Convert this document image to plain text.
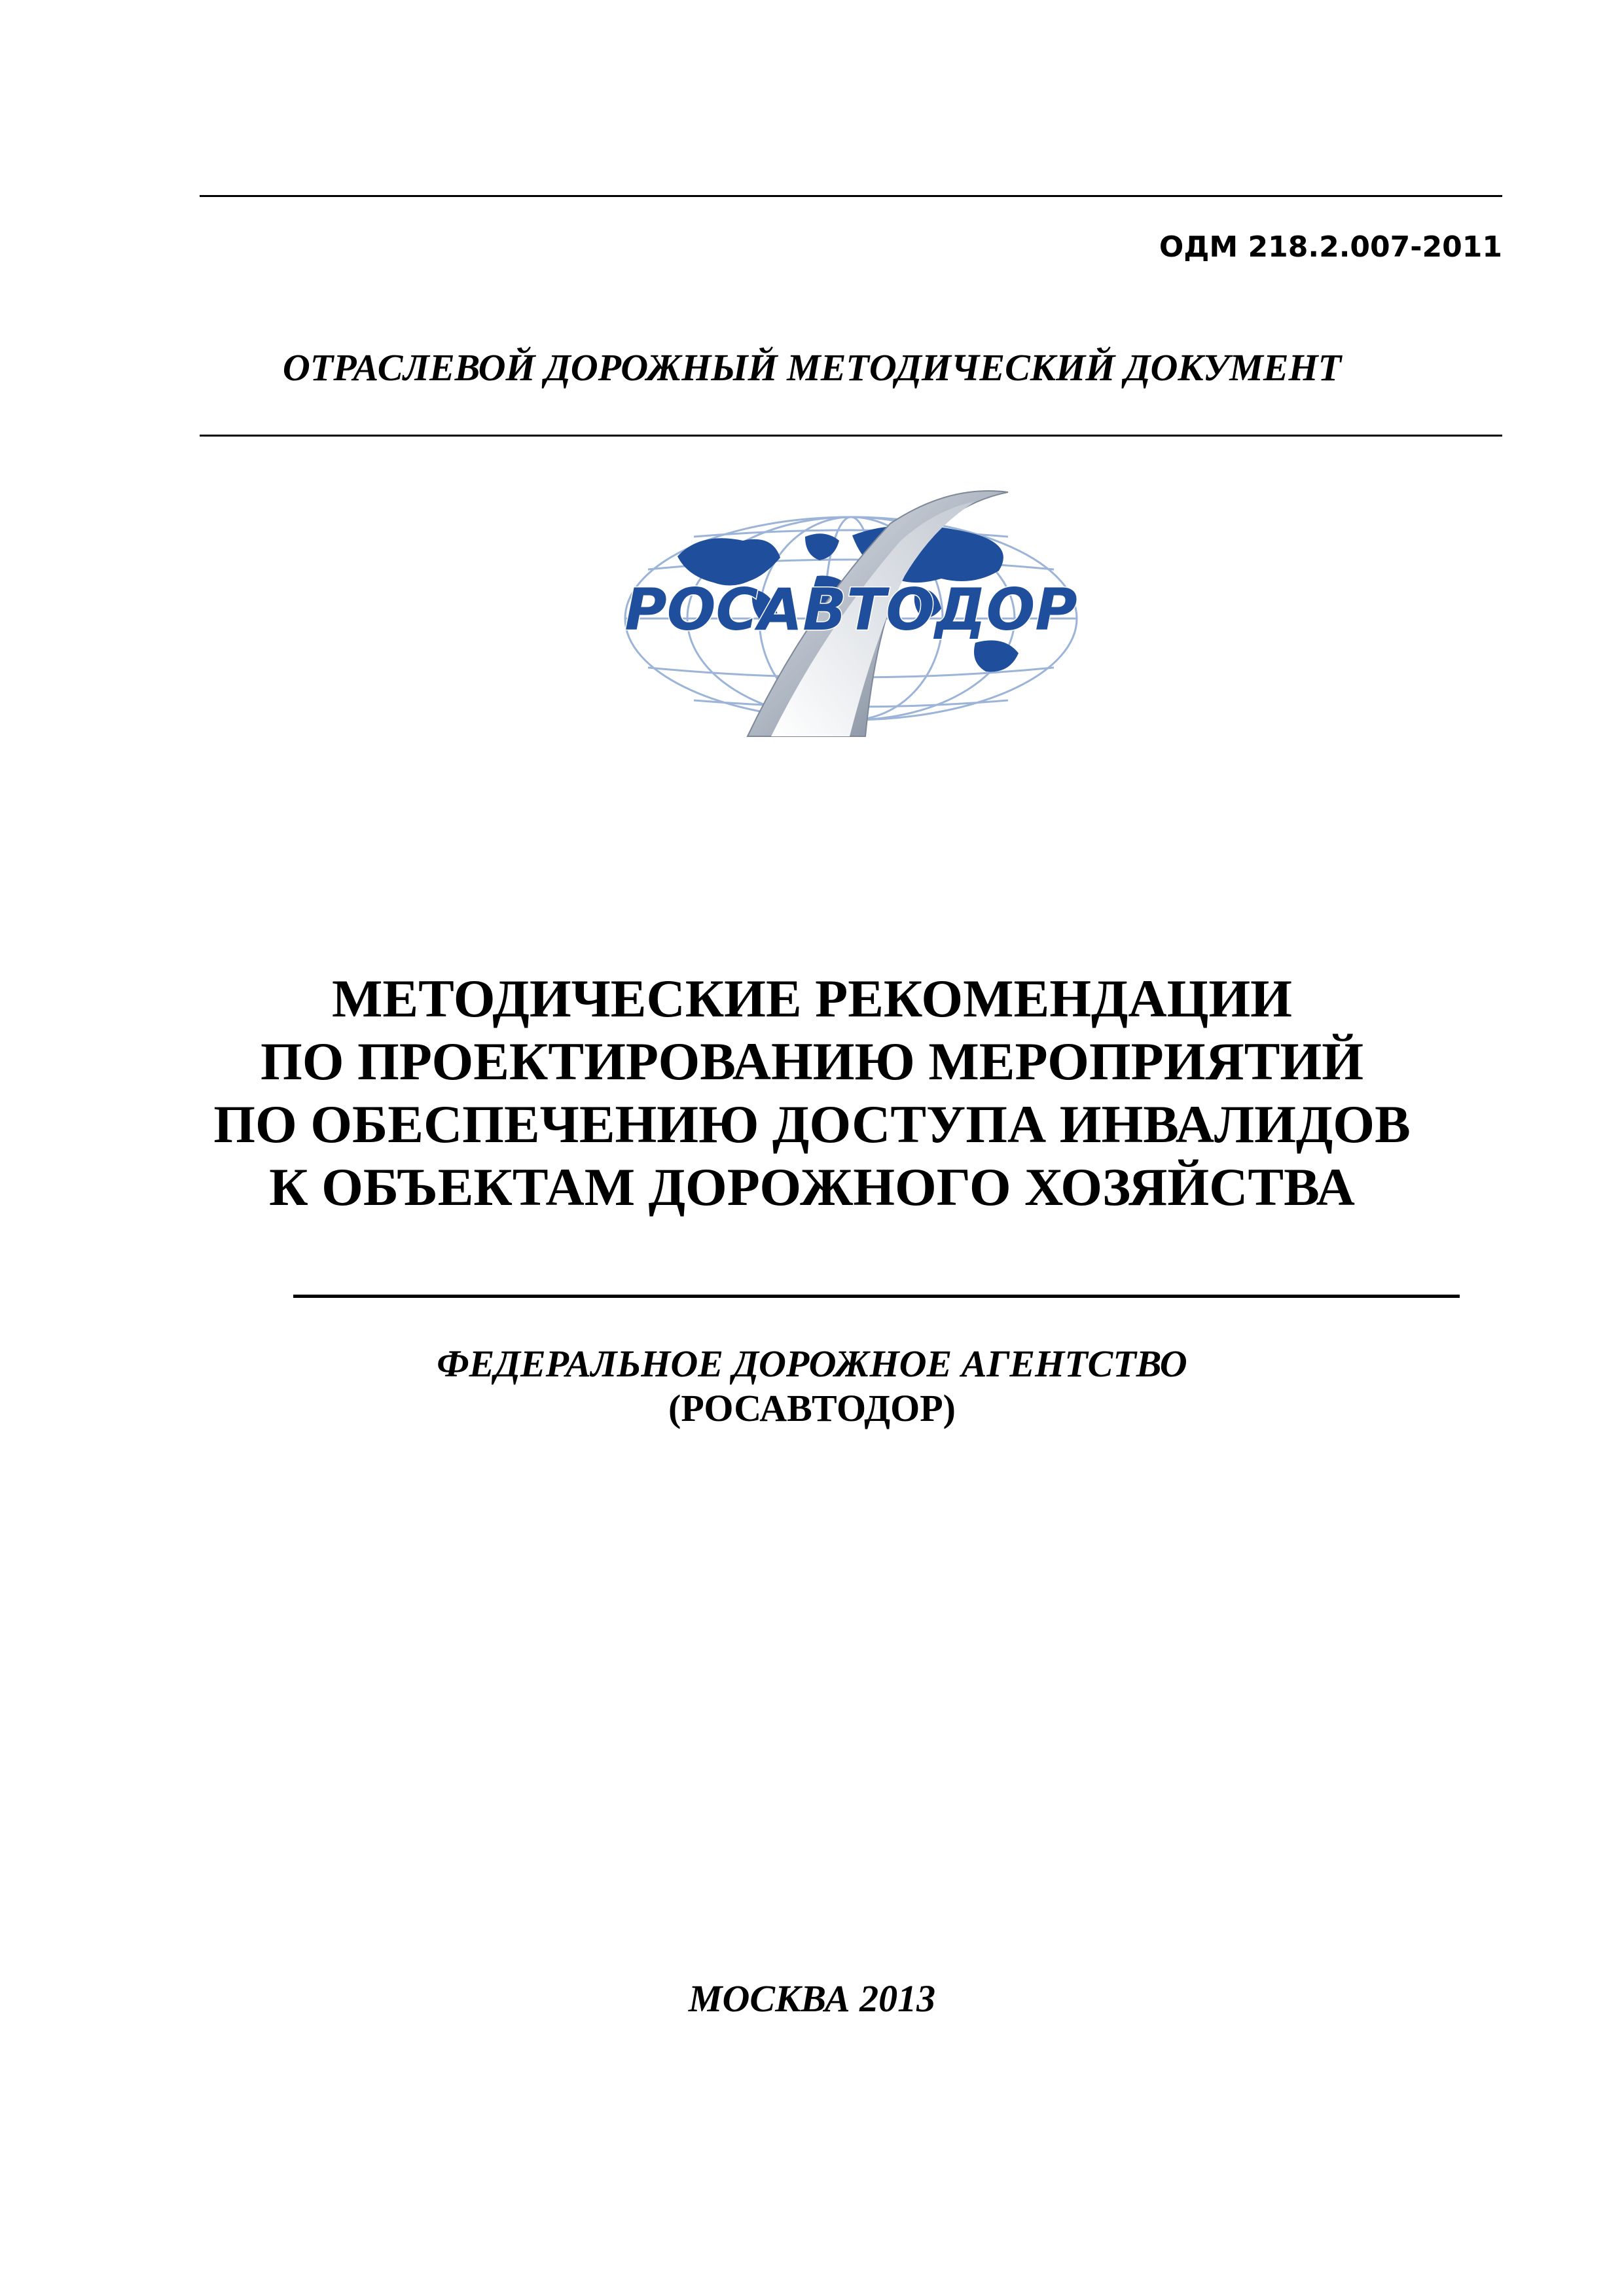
ОДМ 218.2.007-2011
ОТРАСЛЕВОЙ ДОРОЖНЫЙ МЕТОДИЧЕСКИЙ ДОКУМЕНТ
РОСАВТОДОР
МЕТОДИЧЕСКИЕ РЕКОМЕНДАЦИИ
ПО ПРОЕКТИРОВАНИЮ МЕРОПРИЯТИЙ
ПО ОБЕСПЕЧЕНИЮ ДОСТУПА ИНВАЛИДОВ
К ОБЪЕКТАМ ДОРОЖНОГО ХОЗЯЙСТВА
ФЕДЕРАЛЬНОЕ ДОРОЖНОЕ АГЕНТСТВО
(РОСАВТОДОР)
МОСКВА 2013
